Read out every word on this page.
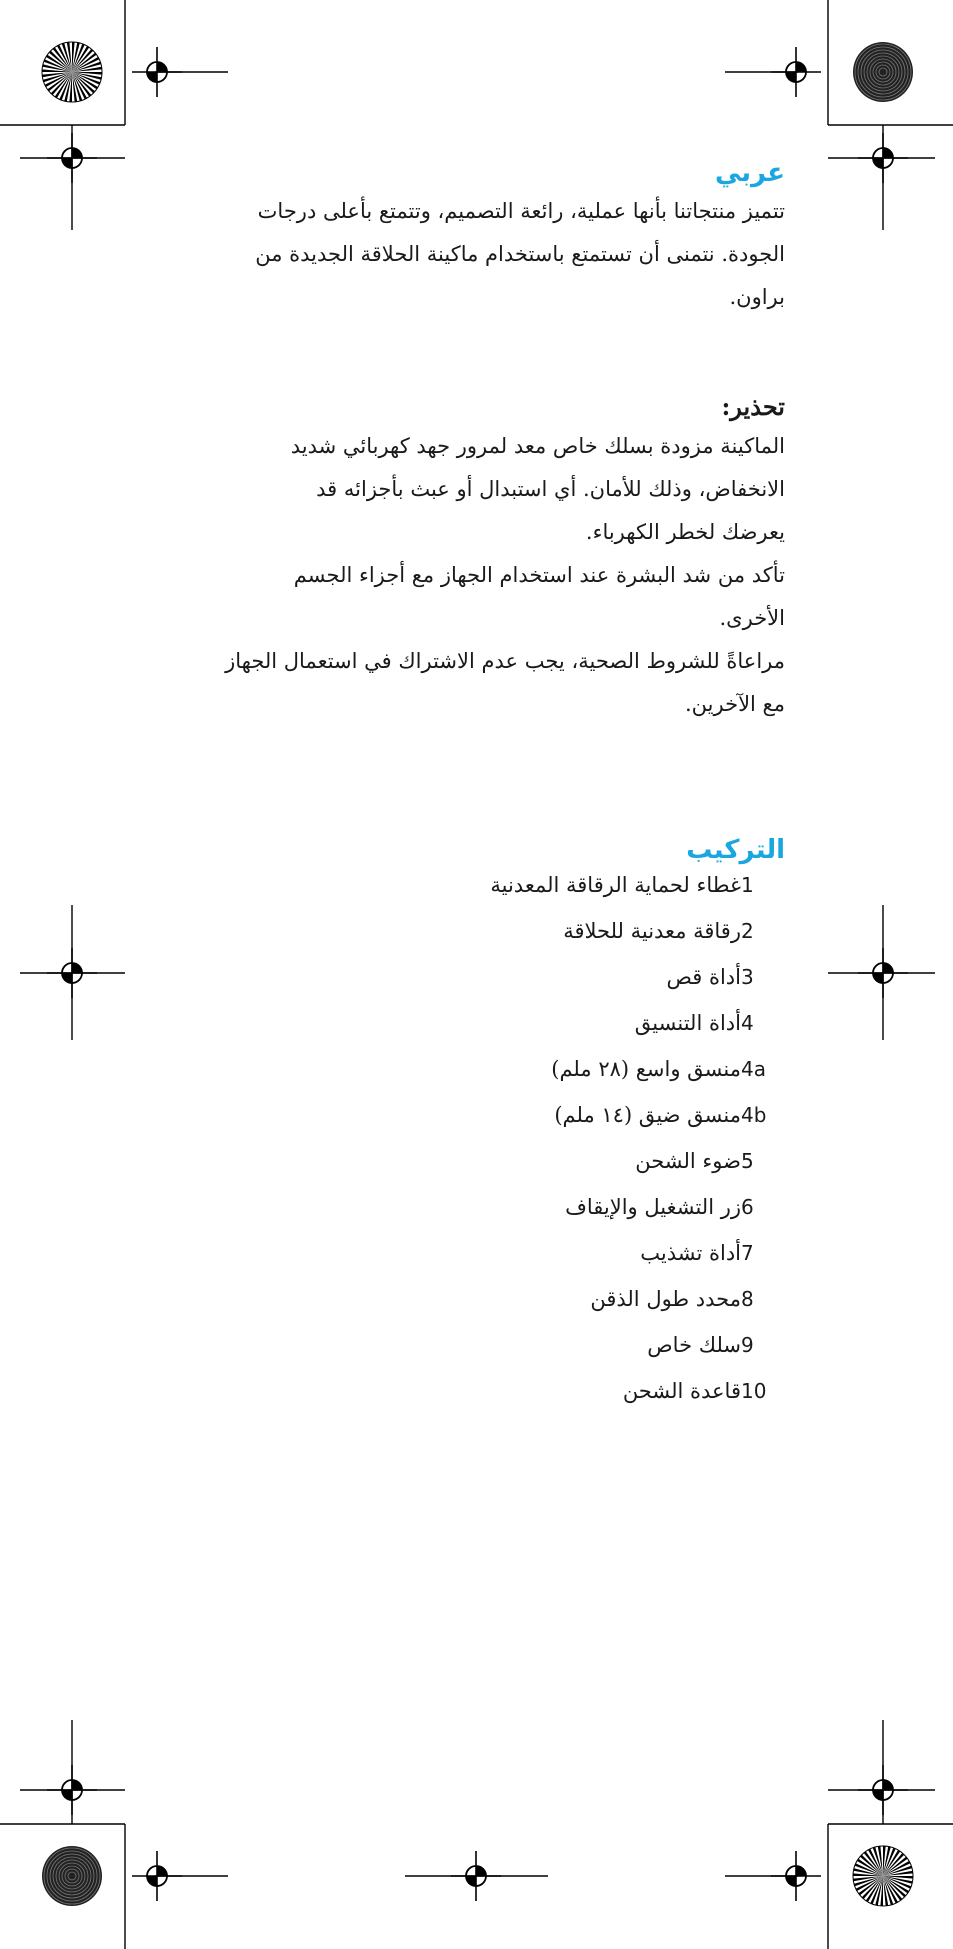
عربي

تتميز منتجاتنا بأنها عملية، رائعة التصميم، وتتمتع بأعلى درجات

الجودة. نتمنى أن تستمتع باستخدام ماكينة الحلاقة الجديدة من

براون.

تحذير:

الماكينة مزودة بسلك خاص معد لمرور جهد كهربائي شديد

الانخفاض، وذلك للأمان. أي استبدال أو عبث بأجزائه قد

يعرضك لخطر الكهرباء.

تأكد من شد البشرة عند استخدام الجهاز مع أجزاء الجسم

الأخرى.

مراعاةً للشروط الصحية، يجب عدم الاشتراك في استعمال الجهاز

مع الآخرين.

التركيب
1
غطاء لحماية الرقاقة المعدنية
2
رقاقة معدنية للحلاقة
3
أداة قص
4
أداة التنسيق
4a
منسق واسع (٢٨ ملم)
4b
منسق ضيق (١٤ ملم)
5
ضوء الشحن
6
زر التشغيل والإيقاف
7
أداة تشذيب
8
محدد طول الذقن
9
سلك خاص
10
قاعدة الشحن
